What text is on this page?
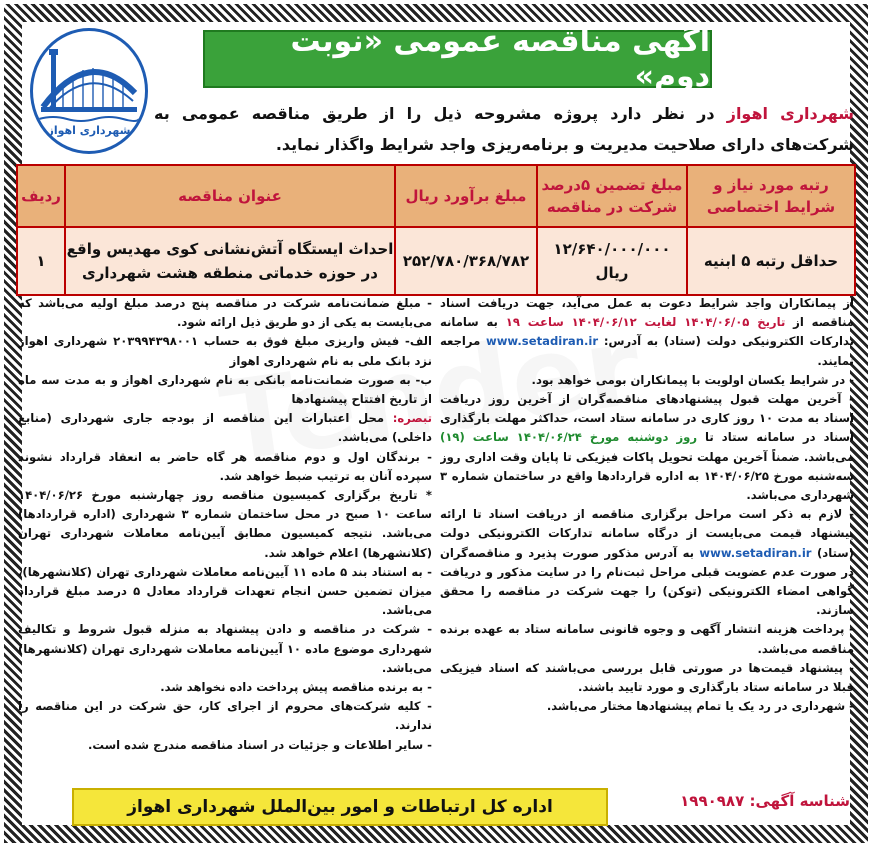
آگهی مناقصه عمومی «نوبت دوم»
شهرداری اهواز
شهرداری اهواز در نظر دارد پروژه مشروحه ذیل را از طریق مناقصه عمومی به شرکت‌های دارای صلاحیت مدیریت و برنامه‌ریزی واجد شرایط واگذار نماید.
رتبه مورد نیاز و شرایط اختصاصی	مبلغ تضمین ۵درصد شرکت در مناقصه	مبلغ برآورد ریال	عنوان مناقصه	ردیف
حداقل رتبه ۵ ابنیه	۱۲/۶۴۰/۰۰۰/۰۰۰ ریال	۲۵۲/۷۸۰/۳۶۸/۷۸۲	احداث ایستگاه آتش‌نشانی کوی مهدیس واقع در حوزه خدماتی منطقه هشت شهرداری	۱

از پیمانکاران واجد شرایط دعوت به عمل می‌آید، جهت دریافت اسناد مناقصه از تاریخ ۱۴۰۴/۰۶/۰۵ لغایت ۱۴۰۴/۰۶/۱۲ ساعت ۱۹ به سامانه تدارکات الکترونیکی دولت (ستاد) به آدرس: www.setadiran.ir مراجعه نمایند.

- در شرایط یکسان اولویت با پیمانکاران بومی خواهد بود.

- آخرین مهلت قبول پیشنهادهای مناقصه‌گران از آخرین روز دریافت اسناد به مدت ۱۰ روز کاری در سامانه ستاد است، حداکثر مهلت بارگذاری اسناد در سامانه ستاد تا روز دوشنبه مورخ ۱۴۰۴/۰۶/۲۴ ساعت (۱۹) می‌باشد. ضمناً آخرین مهلت تحویل پاکات فیزیکی تا پایان وقت اداری روز سه‌شنبه مورخ ۱۴۰۴/۰۶/۲۵ به اداره قراردادها واقع در ساختمان شماره ۳ شهرداری می‌باشد.

- لازم به ذکر است مراحل برگزاری مناقصه از دریافت اسناد تا ارائه پیشنهاد قیمت می‌بایست از درگاه سامانه تدارکات الکترونیکی دولت (ستاد) www.setadiran.ir به آدرس مذکور صورت پذیرد و مناقصه‌گران در صورت عدم عضویت قبلی مراحل ثبت‌نام را در سایت مذکور و دریافت گواهی امضاء الکترونیکی (توکن) را جهت شرکت در مناقصه را محقق سازند.

- پرداخت هزینه انتشار آگهی و وجوه قانونی سامانه ستاد به عهده برنده مناقصه می‌باشد.

- پیشنهاد قیمت‌ها در صورتی قابل بررسی می‌باشند که اسناد فیزیکی قبلا در سامانه ستاد بارگذاری و مورد تایید باشند.

- شهرداری در رد یک یا تمام پیشنهادها مختار می‌باشد.

- مبلغ ضمانت‌نامه شرکت در مناقصه پنج درصد مبلغ اولیه می‌باشد که می‌بایست به یکی از دو طریق ذیل ارائه شود.

الف- فیش واریزی مبلغ فوق به حساب ۲۰۳۹۹۴۳۹۸۰۰۱ شهرداری اهواز نزد بانک ملی به نام شهرداری اهواز

ب- به صورت ضمانت‌نامه بانکی به نام شهرداری اهواز و به مدت سه ماه از تاریخ افتتاح پیشنهادها

تبصره: محل اعتبارات این مناقصه از بودجه جاری شهرداری (منابع داخلی) می‌باشد.

- برندگان اول و دوم مناقصه هر گاه حاضر به انعقاد قرارداد نشوند سپرده آنان به ترتیب ضبط خواهد شد.

* تاریخ برگزاری کمیسیون مناقصه روز چهارشنبه مورخ ۱۴۰۴/۰۶/۲۶ ساعت ۱۰ صبح در محل ساختمان شماره ۳ شهرداری (اداره قراردادها) می‌باشد. نتیجه کمیسیون مطابق آیین‌نامه معاملات شهرداری تهران (کلانشهرها) اعلام خواهد شد.

- به استناد بند ۵ ماده ۱۱ آیین‌نامه معاملات شهرداری تهران (کلانشهرها)، میزان تضمین حسن انجام تعهدات قرارداد معادل ۵ درصد مبلغ قرارداد می‌باشد.

- شرکت در مناقصه و دادن پیشنهاد به منزله قبول شروط و تکالیف شهرداری موضوع ماده ۱۰ آیین‌نامه معاملات شهرداری تهران (کلانشهرها) می‌باشد.

- به برنده مناقصه پیش پرداخت داده نخواهد شد.

- کلیه شرکت‌های محروم از اجرای کار، حق شرکت در این مناقصه را ندارند.

- سایر اطلاعات و جزئیات در اسناد مناقصه مندرج شده است.

شناسه آگهی: ۱۹۹۰۹۸۷
اداره کل ارتباطات و امور بین‌الملل شهرداری اهواز
